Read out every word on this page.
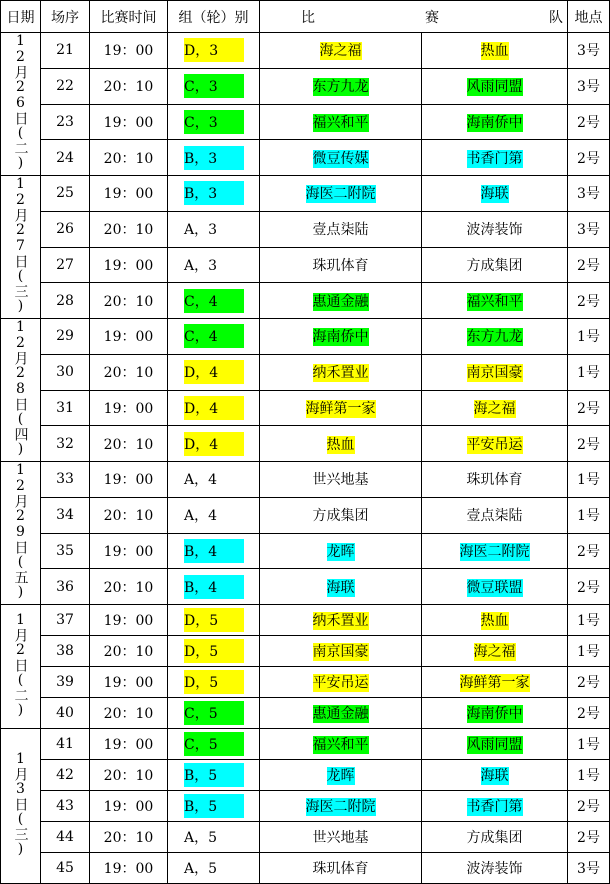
日期	场序	比赛时间	组（轮）别	比 赛 队		地点
12月26日(二)	21	19：00	D，3	海之福	热血	3号
	22	20：10	C，3	东方九龙	风雨同盟	3号
	23	19：00	C，3	福兴和平	海南侨中	2号
	24	20：10	B，3	微豆传媒	书香门第	2号
12月27日(三)	25	19：00	B，3	海医二附院	海联	3号
	26	20：10	A，3	壹点柒陆	波涛装饰	3号
	27	19：00	A，3	珠玑体育	方成集团	2号
	28	20：10	C，4	惠通金融	福兴和平	2号
12月28日(四)	29	19：00	C，4	海南侨中	东方九龙	1号
	30	20：10	D，4	纳禾置业	南京国豪	1号
	31	19：00	D，4	海鲜第一家	海之福	2号
	32	20：10	D，4	热血	平安吊运	2号
12月29日(五)	33	19：00	A，4	世兴地基	珠玑体育	1号
	34	20：10	A，4	方成集团	壹点柒陆	1号
	35	19：00	B，4	龙晖	海医二附院	2号
	36	20：10	B，4	海联	微豆联盟	2号
1月2日(二)	37	19：00	D，5	纳禾置业	热血	1号
	38	20：10	D，5	南京国豪	海之福	1号
	39	19：00	D，5	平安吊运	海鲜第一家	2号
	40	20：10	C，5	惠通金融	海南侨中	2号
1月3日(三)	41	19：00	C，5	福兴和平	风雨同盟	1号
	42	20：10	B，5	龙晖	海联	1号
	43	19：00	B，5	海医二附院	书香门第	2号
	44	20：10	A，5	世兴地基	方成集团	2号
	45	19：00	A，5	珠玑体育	波涛装饰	3号
